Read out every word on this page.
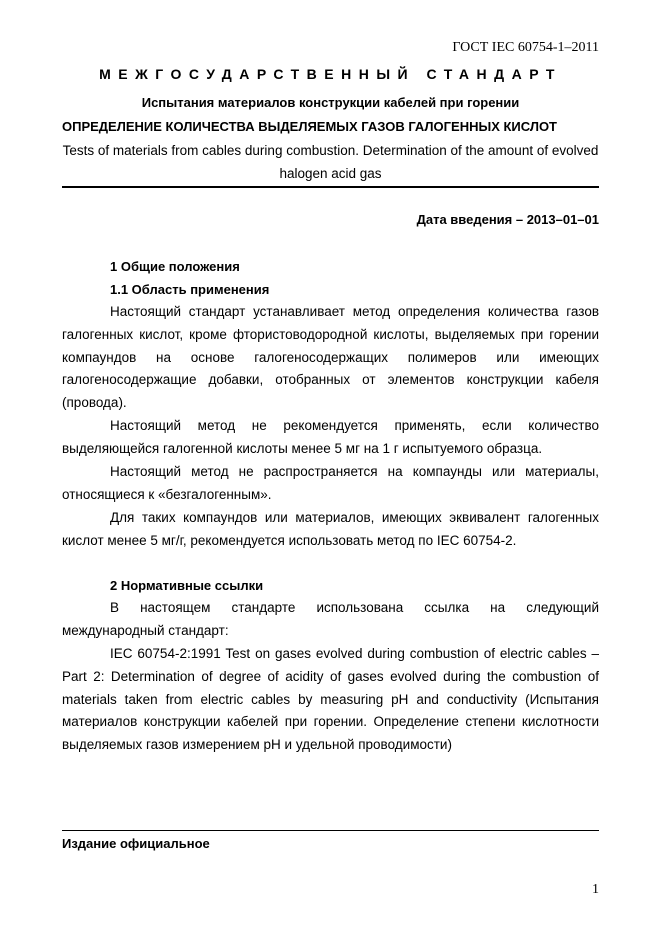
ГОСТ IEC 60754-1–2011
МЕЖГОСУДАРСТВЕННЫЙ СТАНДАРТ
Испытания материалов конструкции кабелей при горении
ОПРЕДЕЛЕНИЕ КОЛИЧЕСТВА ВЫДЕЛЯЕМЫХ ГАЗОВ ГАЛОГЕННЫХ КИСЛОТ
Tests of materials from cables during combustion. Determination of the amount of evolved halogen acid gas
Дата введения – 2013–01–01
1 Общие положения
1.1 Область применения

Настоящий стандарт устанавливает метод определения количества газов галогенных кислот, кроме фтористоводородной кислоты, выделяемых при горении компаундов на основе галогеносодержащих полимеров или имеющих галогеносодержащие добавки, отобранных от элементов конструкции кабеля (провода).

Настоящий метод не рекомендуется применять, если количество выделяющейся галогенной кислоты менее 5 мг на 1 г испытуемого образца.

Настоящий метод не распространяется на компаунды или материалы, относящиеся к «безгалогенным».

Для таких компаундов или материалов, имеющих эквивалент галогенных кислот менее 5 мг/г, рекомендуется использовать метод по IEC 60754-2.

2 Нормативные ссылки

В настоящем стандарте использована ссылка на следующий международный стандарт:

IEC 60754-2:1991 Test on gases evolved during combustion of electric cables – Part 2: Determination of degree of acidity of gases evolved during the combustion of materials taken from electric cables by measuring pH and conductivity (Испытания материалов конструкции кабелей при горении. Определение степени кислотности выделяемых газов измерением pH и удельной проводимости)

Издание официальное
1
